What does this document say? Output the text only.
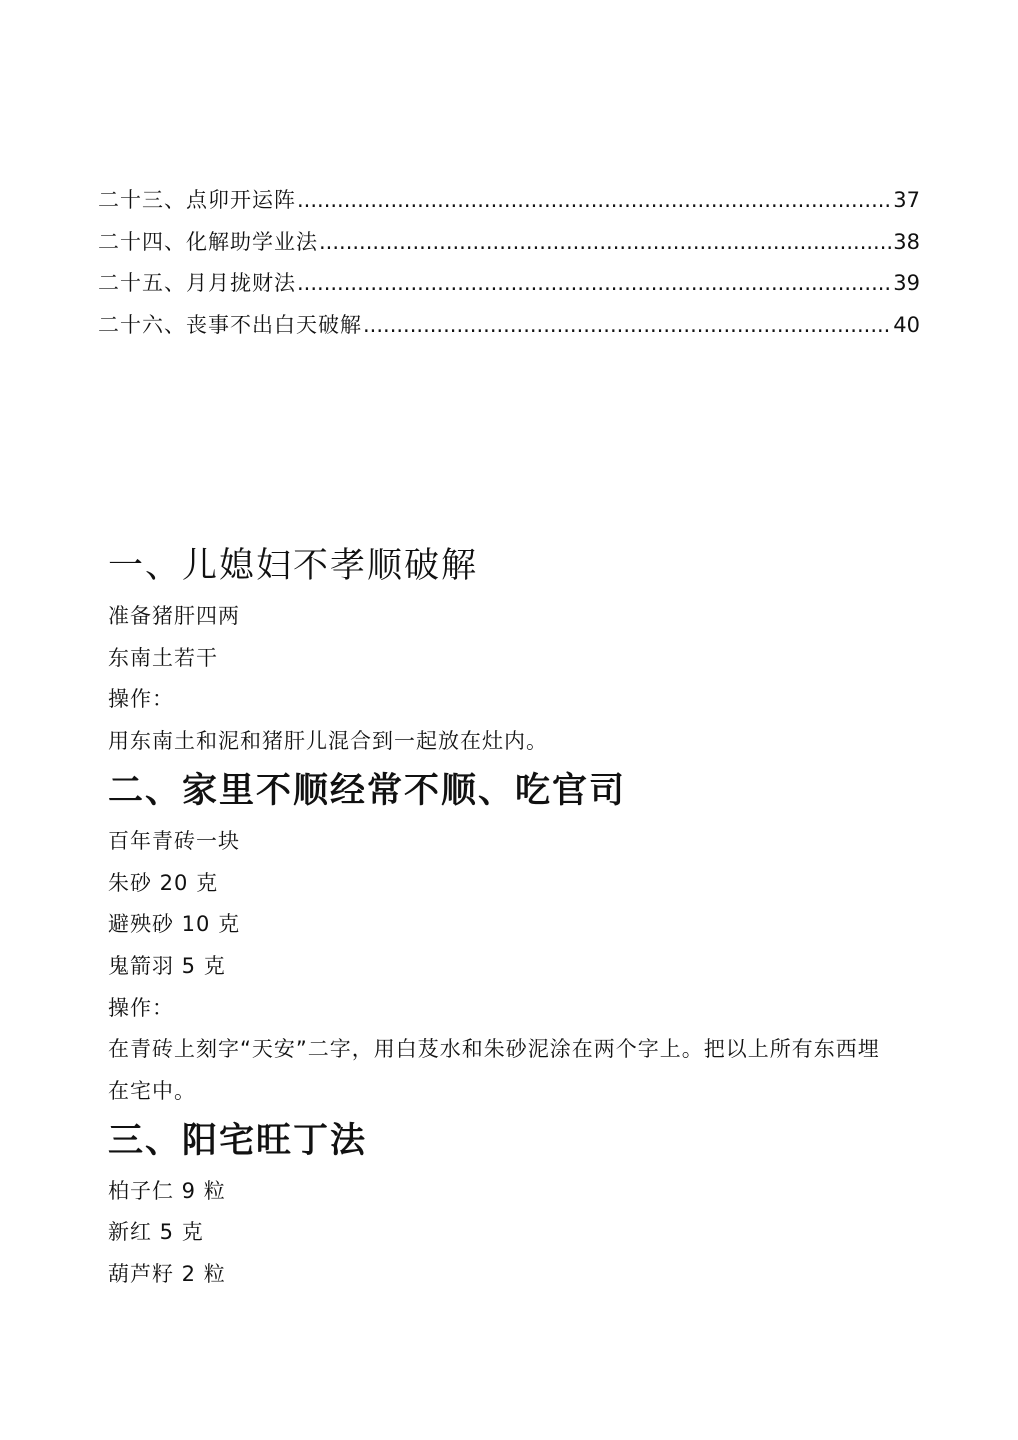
二十三、点卯开运阵 .....	37
二十四、化解助学业法 .....	38
二十五、月月拢财法 .....	39
二十六、丧事不出白天破解 .....	40
一、儿媳妇不孝顺破解

准备猪肝四两

东南土若干

操作：

用东南土和泥和猪肝儿混合到一起放在灶内。

二、家里不顺经常不顺、吃官司

百年青砖一块

朱砂 20 克

避殃砂 10 克

鬼箭羽 5 克

操作：

在青砖上刻字“天安”二字，用白芨水和朱砂泥涂在两个字上。把以上所有东西埋

在宅中。

三、阳宅旺丁法

柏子仁 9 粒

新红 5 克

葫芦籽 2 粒
